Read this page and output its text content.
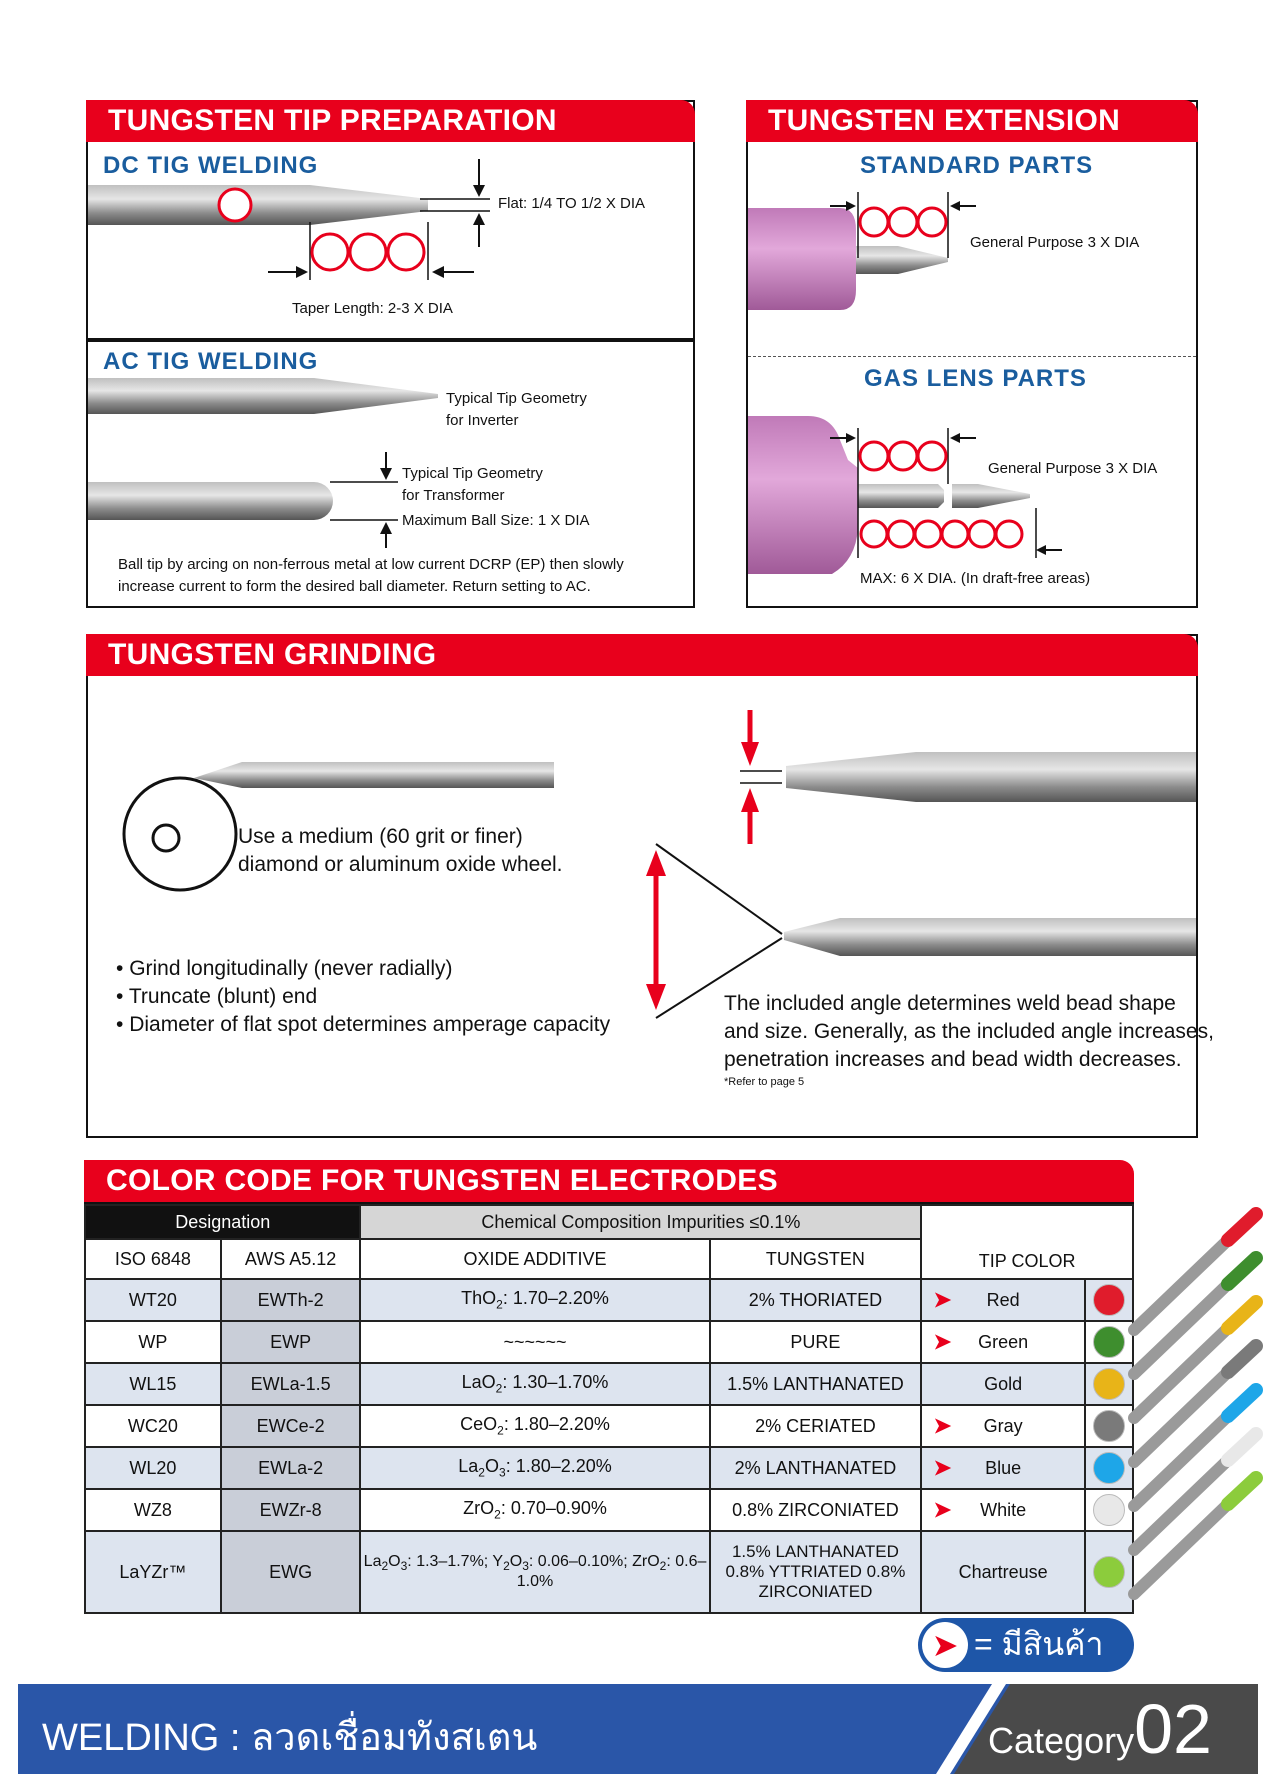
TUNGSTEN TIP PREPARATION
DC TIG WELDING
Flat: 1/4 TO 1/2 X DIA
Taper Length: 2-3 X DIA
AC TIG WELDING
Typical Tip Geometry
for Inverter
Typical Tip Geometry
for Transformer
Maximum Ball Size: 1 X DIA
Ball tip by arcing on non-ferrous metal at low current DCRP (EP) then slowly
increase current to form the desired ball diameter. Return setting to AC.
TUNGSTEN EXTENSION
STANDARD PARTS
General Purpose 3 X DIA
GAS LENS PARTS
General Purpose 3 X DIA
MAX: 6 X DIA. (In draft-free areas)
TUNGSTEN GRINDING
Use a medium (60 grit or finer)
diamond or aluminum oxide wheel.
• Grind longitudinally (never radially)
• Truncate (blunt) end
• Diameter of flat spot determines amperage capacity
The included angle determines weld bead shape
and size. Generally, as the included angle increases,
penetration increases and bead width decreases.
*Refer to page 5
COLOR CODE FOR TUNGSTEN ELECTRODES
Designation		Chemical Composition Impurities ≤0.1%		TIP COLOR	
ISO 6848	AWS A5.12	OXIDE ADDITIVE	TUNGSTEN		
WT20	EWTh-2	ThO$_2$: 1.70–2.20%	2% THORIATED	➤ Red	
WP	EWP	~~~~~~	PURE	➤ Green	
WL15	EWLa-1.5	LaO$_2$: 1.30–1.70%	1.5% LANTHANATED	Gold	
WC20	EWCe-2	CeO$_2$: 1.80–2.20%	2% CERIATED	➤ Gray	
WL20	EWLa-2	$La_2O_3$: 1.80–2.20%	2% LANTHANATED	➤ Blue	
WZ8	EWZr-8	ZrO$_2$: 0.70–0.90%	0.8% ZIRCONIATED	➤ White	
LaYZr™	EWG	$La_2O_3$: 1.3–1.7%; $Y_2O_3$: 0.06–0.10%; ZrO$_2$: 0.6–1.0%	1.5% LANTHANATED 0.8% YTTRIATED 0.8% ZIRCONIATED	Chartreuse	
➤ = มีสินค้า
WELDING : ลวดเชื่อมทังสเตน	Category02
